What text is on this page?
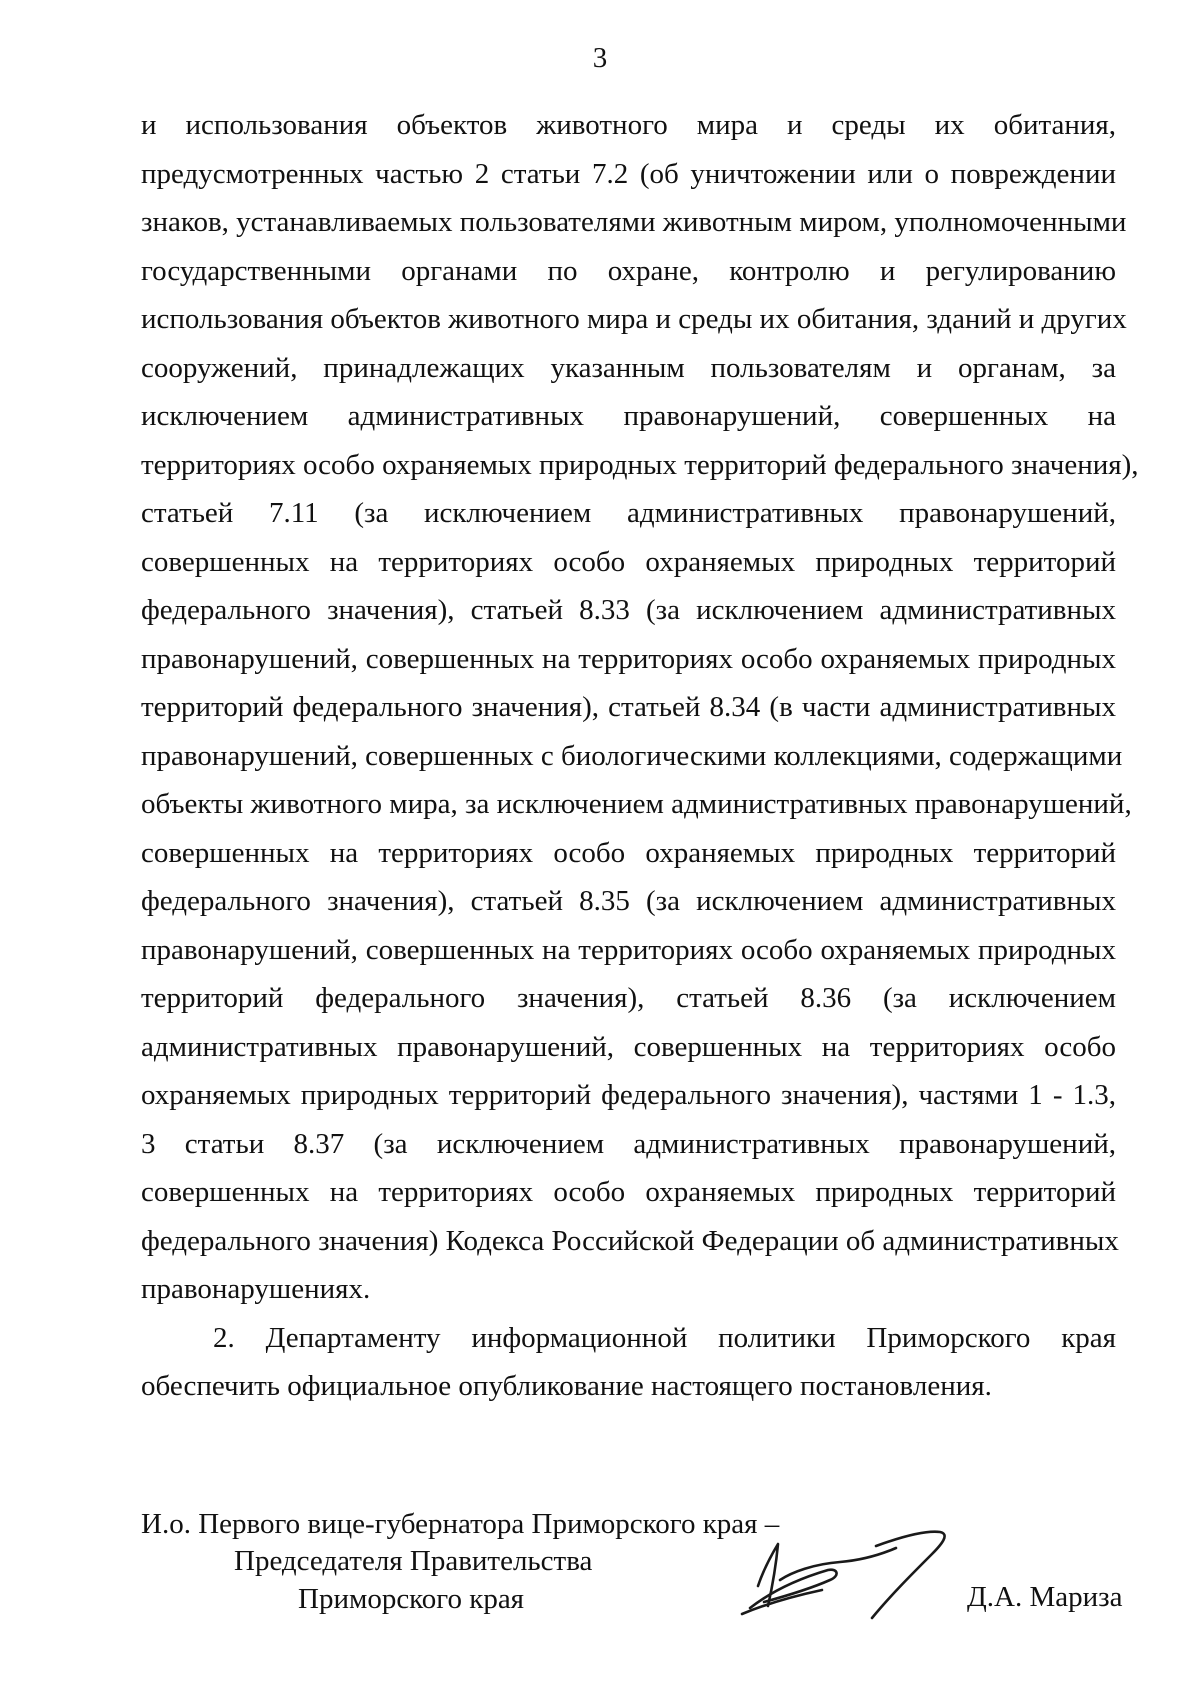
3
и использования объектов животного мира и среды их обитания,
предусмотренных частью 2 статьи 7.2 (об уничтожении или о повреждении
знаков, устанавливаемых пользователями животным миром, уполномоченными
государственными органами по охране, контролю и регулированию
использования объектов животного мира и среды их обитания, зданий и других
сооружений, принадлежащих указанным пользователям и органам, за
исключением административных правонарушений, совершенных на
территориях особо охраняемых природных территорий федерального значения),
статьей 7.11 (за исключением административных правонарушений,
совершенных на территориях особо охраняемых природных территорий
федерального значения), статьей 8.33 (за исключением административных
правонарушений, совершенных на территориях особо охраняемых природных
территорий федерального значения), статьей 8.34 (в части административных
правонарушений, совершенных с биологическими коллекциями, содержащими
объекты животного мира, за исключением административных правонарушений,
совершенных на территориях особо охраняемых природных территорий
федерального значения), статьей 8.35 (за исключением административных
правонарушений, совершенных на территориях особо охраняемых природных
территорий федерального значения), статьей 8.36 (за исключением
административных правонарушений, совершенных на территориях особо
охраняемых природных территорий федерального значения), частями 1 - 1.3,
3 статьи 8.37 (за исключением административных правонарушений,
совершенных на территориях особо охраняемых природных территорий
федерального значения) Кодекса Российской Федерации об административных
правонарушениях.
2. Департаменту информационной политики Приморского края
обеспечить официальное опубликование настоящего постановления.
И.о. Первого вице-губернатора Приморского края –
Председателя Правительства
Приморского края	Д.А. Мариза
